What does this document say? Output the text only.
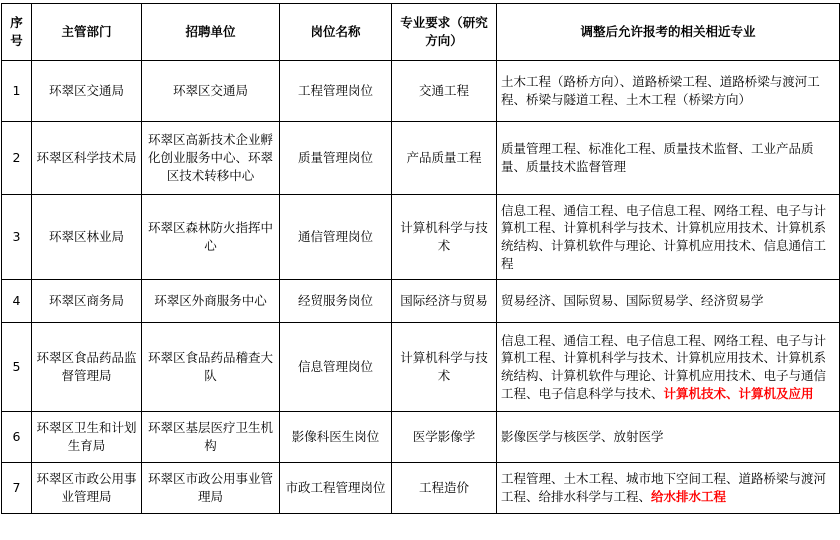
序号	主管部门	招聘单位	岗位名称	专业要求（研究方向）	调整后允许报考的相关相近专业
1	环翠区交通局	环翠区交通局	工程管理岗位	交通工程	土木工程（路桥方向）、道路桥梁工程、道路桥梁与渡河工程、桥梁与隧道工程、土木工程（桥梁方向）
2	环翠区科学技术局	环翠区高新技术企业孵化创业服务中心、环翠区技术转移中心	质量管理岗位	产品质量工程	质量管理工程、标准化工程、质量技术监督、工业产品质量、质量技术监督管理
3	环翠区林业局	环翠区森林防火指挥中心	通信管理岗位	计算机科学与技术	信息工程、通信工程、电子信息工程、网络工程、电子与计算机工程、计算机科学与技术、计算机应用技术、计算机系统结构、计算机软件与理论、计算机应用技术、信息通信工程
4	环翠区商务局	环翠区外商服务中心	经贸服务岗位	国际经济与贸易	贸易经济、国际贸易、国际贸易学、经济贸易学
5	环翠区食品药品监督管理局	环翠区食品药品稽查大队	信息管理岗位	计算机科学与技术	信息工程、通信工程、电子信息工程、网络工程、电子与计算机工程、计算机科学与技术、计算机应用技术、计算机系统结构、计算机软件与理论、计算机应用技术、电子与通信工程、电子信息科学与技术、计算机技术、计算机及应用
6	环翠区卫生和计划生育局	环翠区基层医疗卫生机构	影像科医生岗位	医学影像学	影像医学与核医学、放射医学
7	环翠区市政公用事业管理局	环翠区市政公用事业管理局	市政工程管理岗位	工程造价	工程管理、土木工程、城市地下空间工程、道路桥梁与渡河工程、给排水科学与工程、给水排水工程
